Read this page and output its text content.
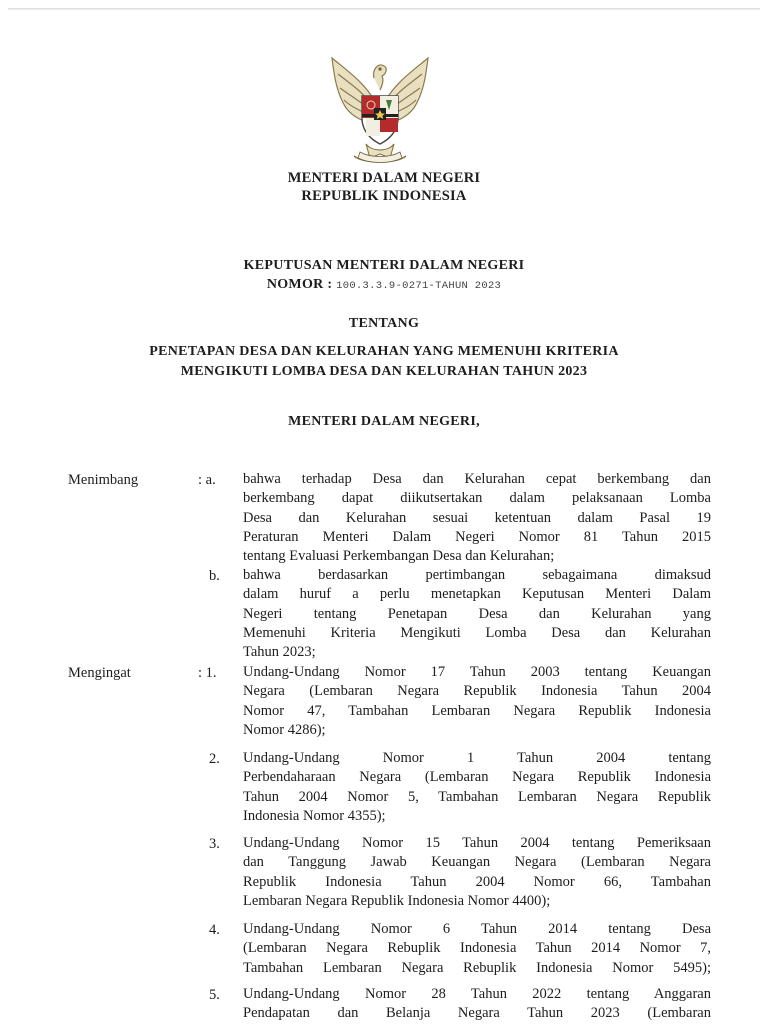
MENTERI DALAM NEGERI
REPUBLIK INDONESIA
KEPUTUSAN MENTERI DALAM NEGERI
NOMOR : 100.3.3.9-0271-TAHUN 2023
TENTANG
PENETAPAN DESA DAN KELURAHAN YANG MEMENUHI KRITERIA
MENGIKUTI LOMBA DESA DAN KELURAHAN TAHUN 2023
MENTERI DALAM NEGERI,
Menimbang	: a. bahwa terhadap Desa dan Kelurahan cepat berkembang dan
berkembang dapat diikutsertakan dalam pelaksanaan Lomba
Desa dan Kelurahan sesuai ketentuan dalam Pasal 19
Peraturan Menteri Dalam Negeri Nomor 81 Tahun 2015
tentang Evaluasi Perkembangan Desa dan Kelurahan;
b. bahwa berdasarkan pertimbangan sebagaimana dimaksud
dalam huruf a perlu menetapkan Keputusan Menteri Dalam
Negeri tentang Penetapan Desa dan Kelurahan yang
Memenuhi Kriteria Mengikuti Lomba Desa dan Kelurahan
Tahun 2023;
Mengingat	: 1. Undang-Undang Nomor 17 Tahun 2003 tentang Keuangan
Negara (Lembaran Negara Republik Indonesia Tahun 2004
Nomor 47, Tambahan Lembaran Negara Republik Indonesia
Nomor 4286);
2. Undang-Undang Nomor 1 Tahun 2004 tentang
Perbendaharaan Negara (Lembaran Negara Republik Indonesia
Tahun 2004 Nomor 5, Tambahan Lembaran Negara Republik
Indonesia Nomor 4355);
3. Undang-Undang Nomor 15 Tahun 2004 tentang Pemeriksaan
dan Tanggung Jawab Keuangan Negara (Lembaran Negara
Republik Indonesia Tahun 2004 Nomor 66, Tambahan
Lembaran Negara Republik Indonesia Nomor 4400);
4. Undang-Undang Nomor 6 Tahun 2014 tentang Desa
(Lembaran Negara Rebuplik Indonesia Tahun 2014 Nomor 7,
Tambahan Lembaran Negara Rebuplik Indonesia Nomor 5495);
5. Undang-Undang Nomor 28 Tahun 2022 tentang Anggaran
Pendapatan dan Belanja Negara Tahun 2023 (Lembaran
